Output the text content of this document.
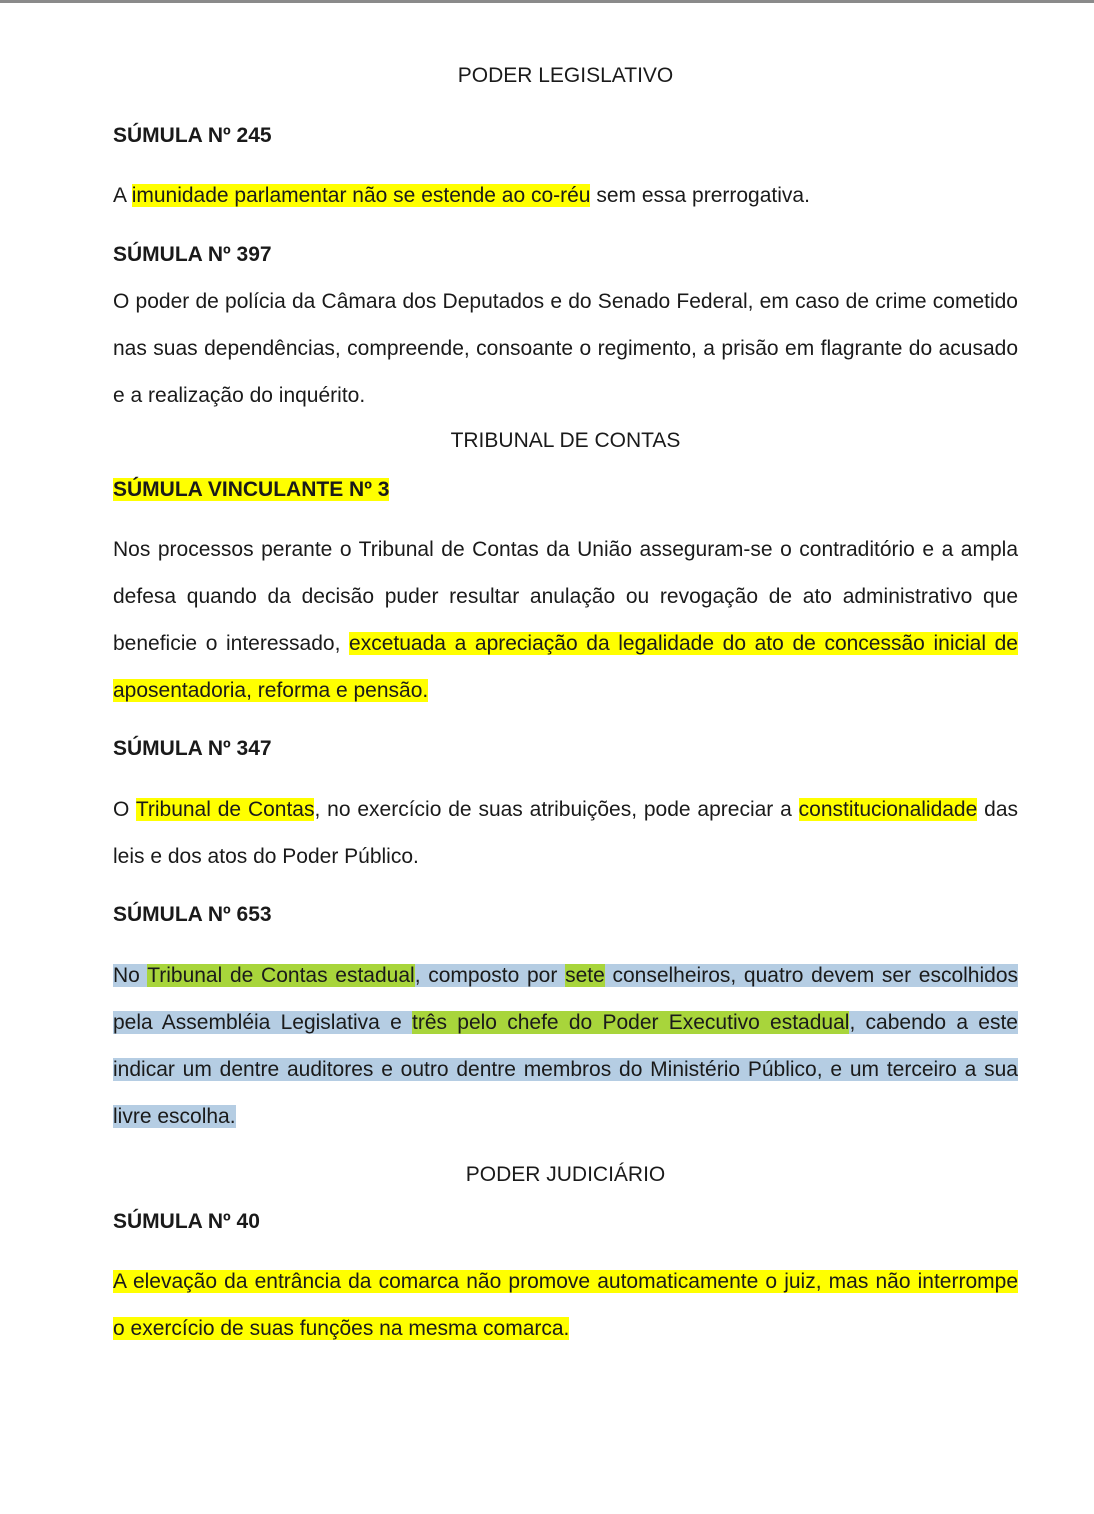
PODER LEGISLATIVO
SÚMULA Nº 245
A imunidade parlamentar não se estende ao co-réu sem essa prerrogativa.
SÚMULA Nº 397
O poder de polícia da Câmara dos Deputados e do Senado Federal, em caso de crime cometido nas suas dependências, compreende, consoante o regimento, a prisão em flagrante do acusado e a realização do inquérito.
TRIBUNAL DE CONTAS
SÚMULA VINCULANTE Nº 3
Nos processos perante o Tribunal de Contas da União asseguram-se o contraditório e a ampla defesa quando da decisão puder resultar anulação ou revogação de ato administrativo que beneficie o interessado, excetuada a apreciação da legalidade do ato de concessão inicial de aposentadoria, reforma e pensão.
SÚMULA Nº 347
O Tribunal de Contas, no exercício de suas atribuições, pode apreciar a constitucionalidade das leis e dos atos do Poder Público.
SÚMULA Nº 653
No Tribunal de Contas estadual, composto por sete conselheiros, quatro devem ser escolhidos pela Assembléia Legislativa e três pelo chefe do Poder Executivo estadual, cabendo a este indicar um dentre auditores e outro dentre membros do Ministério Público, e um terceiro a sua livre escolha.
PODER JUDICIÁRIO
SÚMULA Nº 40
A elevação da entrância da comarca não promove automaticamente o juiz, mas não interrompe o exercício de suas funções na mesma comarca.
